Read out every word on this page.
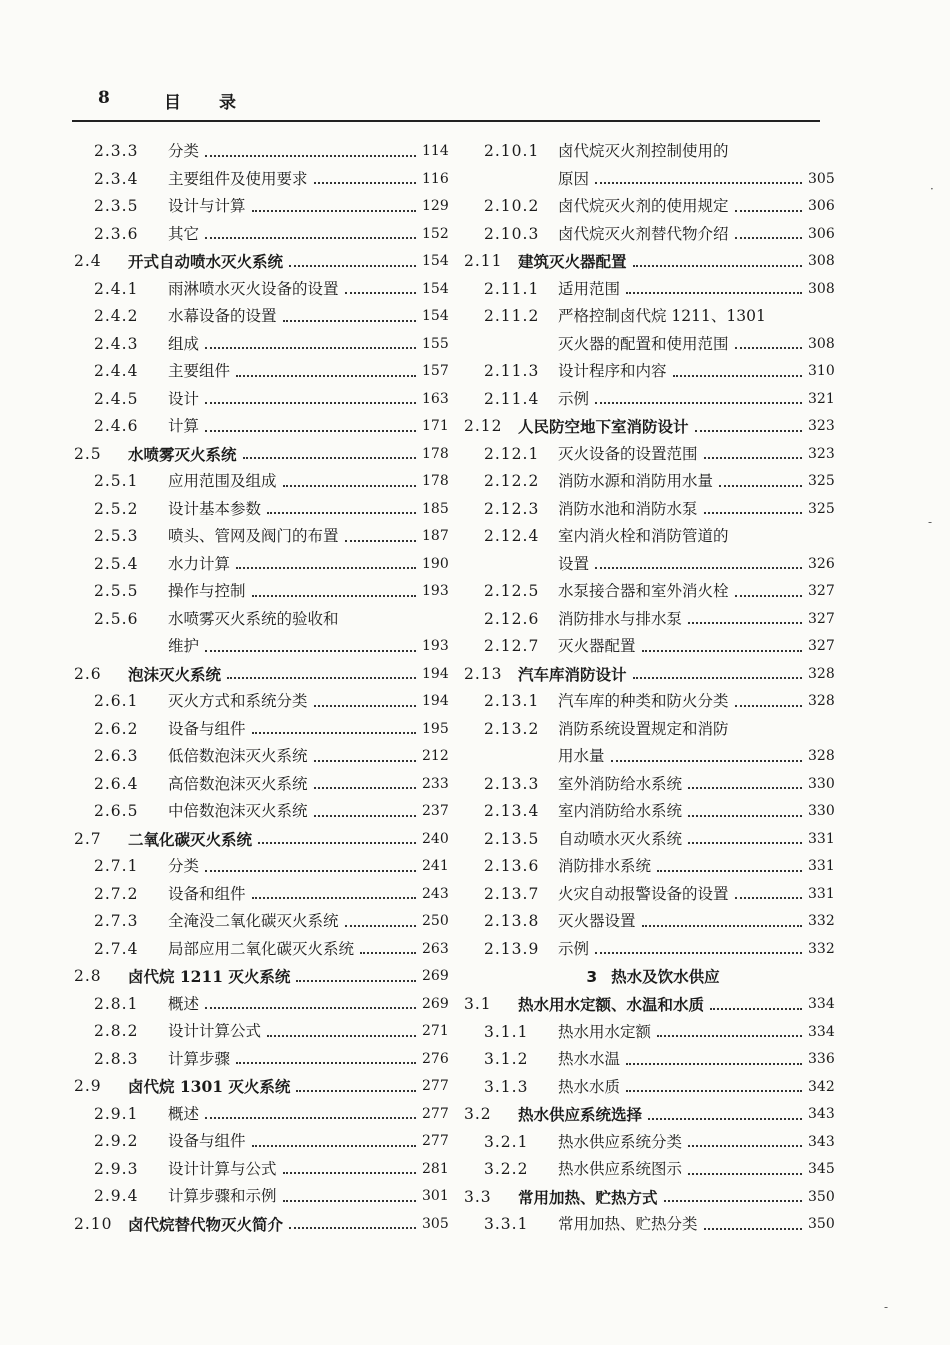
8	目录
2.3.3	分类	114
2.3.4	主要组件及使用要求	116
2.3.5	设计与计算	129
2.3.6	其它	152
2.4	开式自动喷水灭火系统	154
2.4.1	雨淋喷水灭火设备的设置	154
2.4.2	水幕设备的设置	154
2.4.3	组成	155
2.4.4	主要组件	157
2.4.5	设计	163
2.4.6	计算	171
2.5	水喷雾灭火系统	178
2.5.1	应用范围及组成	178
2.5.2	设计基本参数	185
2.5.3	喷头、管网及阀门的布置	187
2.5.4	水力计算	190
2.5.5	操作与控制	193
2.5.6	水喷雾灭火系统的验收和
维护	193
2.6	泡沫灭火系统	194
2.6.1	灭火方式和系统分类	194
2.6.2	设备与组件	195
2.6.3	低倍数泡沫灭火系统	212
2.6.4	高倍数泡沫灭火系统	233
2.6.5	中倍数泡沫灭火系统	237
2.7	二氧化碳灭火系统	240
2.7.1	分类	241
2.7.2	设备和组件	243
2.7.3	全淹没二氧化碳灭火系统	250
2.7.4	局部应用二氧化碳灭火系统	263
2.8	卤代烷 1211 灭火系统	269
2.8.1	概述	269
2.8.2	设计计算公式	271
2.8.3	计算步骤	276
2.9	卤代烷 1301 灭火系统	277
2.9.1	概述	277
2.9.2	设备与组件	277
2.9.3	设计计算与公式	281
2.9.4	计算步骤和示例	301
2.10 卤代烷替代物灭火简介	305
2.10.1	卤代烷灭火剂控制使用的
原因	305
2.10.2	卤代烷灭火剂的使用规定	306
2.10.3	卤代烷灭火剂替代物介绍	306
2.11 建筑灭火器配置	308
2.11.1	适用范围	308
2.11.2	严格控制卤代烷 1211、1301
灭火器的配置和使用范围	308
2.11.3	设计程序和内容	310
2.11.4	示例	321
2.12 人民防空地下室消防设计	323
2.12.1	灭火设备的设置范围	323
2.12.2	消防水源和消防用水量	325
2.12.3	消防水池和消防水泵	325
2.12.4	室内消火栓和消防管道的
设置	326
2.12.5	水泵接合器和室外消火栓	327
2.12.6	消防排水与排水泵	327
2.12.7	灭火器配置	327
2.13 汽车库消防设计	328
2.13.1	汽车库的种类和防火分类	328
2.13.2	消防系统设置规定和消防
用水量	328
2.13.3	室外消防给水系统	330
2.13.4	室内消防给水系统	330
2.13.5	自动喷水灭火系统	331
2.13.6	消防排水系统	331
2.13.7	火灾自动报警设备的设置	331
2.13.8	灭火器设置	332
2.13.9	示例	332
3 热水及饮水供应
3.1	热水用水定额、水温和水质	334
3.1.1	热水用水定额	334
3.1.2	热水水温	336
3.1.3	热水水质	342
3.2	热水供应系统选择	343
3.2.1	热水供应系统分类	343
3.2.2	热水供应系统图示	345
3.3	常用加热、贮热方式	350
3.3.1	常用加热、贮热分类	350
·
-
-
